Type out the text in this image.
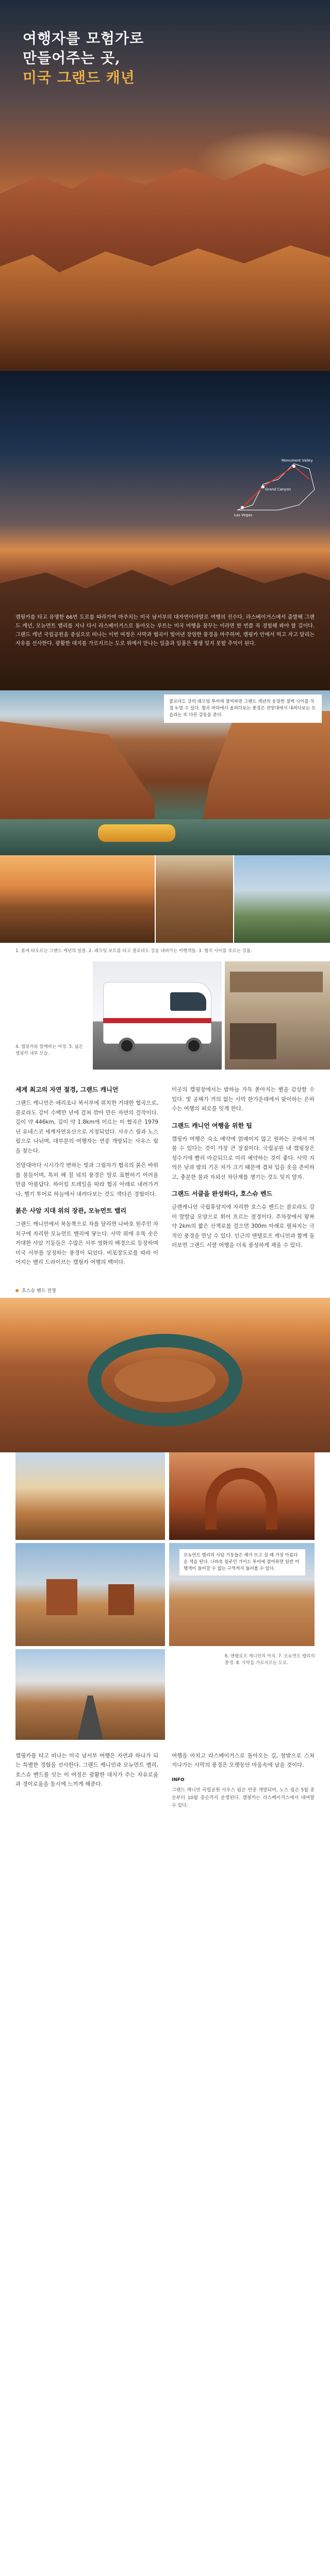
여행자를 모험가로
만들어주는 곳,
미국 그랜드 캐년
Grand Canyon
Monument Valley
Las Vegas

캠핑카를 타고 유명한 66번 도로를 따라가며 마주치는 미국 남서부의 대자연이야말로 여행의 진수다. 라스베이거스에서 출발해 그랜드 캐년, 모뉴먼트 밸리를 지나 다시 라스베이거스로 돌아오는 루트는 미국 여행을 꿈꾸는 이라면 한 번쯤 꼭 경험해 봐야 할 길이다. 그랜드 캐년 국립공원을 중심으로 떠나는 이번 여정은 사막과 협곡이 빚어낸 장엄한 풍경을 마주하며, 캠핑카 안에서 먹고 자고 달리는 자유를 선사한다. 광활한 대지를 가로지르는 도로 위에서 만나는 일출과 일몰은 평생 잊지 못할 추억이 된다.

콜로라도 강의 래프팅 투어에 참여하면 그랜드 캐년의 웅장한 절벽 사이를 직접 누빌 수 있다. 협곡 바닥에서 올려다보는 풍경은 전망대에서 내려다보는 모습과는 또 다른 감동을 준다.

1. 붉게 타오르는 그랜드 캐년의 일몰. 2. 래프팅 보트를 타고 콜로라도 강을 내려가는 여행객들. 3. 협곡 사이를 흐르는 강물.

4. 캠핑카와 함께하는 여정. 5. 넓은 캠핑카 내부 모습.

세계 최고의 자연 절경, 그랜드 캐니언

그랜드 캐니언은 애리조나 북서부에 위치한 거대한 협곡으로, 콜로라도 강이 수백만 년에 걸쳐 깎아 만든 자연의 걸작이다. 길이 약 446km, 깊이 약 1.8km에 이르는 이 협곡은 1979년 유네스코 세계자연유산으로 지정되었다. 사우스 림과 노스 림으로 나뉘며, 대부분의 여행자는 연중 개방되는 사우스 림을 찾는다.

전망대마다 시시각각 변하는 빛과 그림자가 협곡의 붉은 바위를 물들이며, 특히 해 질 녘의 풍경은 말로 표현하기 어려울 만큼 아름답다. 하이킹 트레일을 따라 협곡 아래로 내려가거나, 헬기 투어로 하늘에서 내려다보는 것도 색다른 경험이다.

붉은 사암 지대 위의 장관, 모뉴먼트 밸리

그랜드 캐니언에서 북동쪽으로 차를 달리면 나바호 원주민 자치구에 자리한 모뉴먼트 밸리에 닿는다. 사막 위에 우뚝 솟은 거대한 사암 기둥들은 수많은 서부 영화의 배경으로 등장하며 미국 서부를 상징하는 풍경이 되었다. 비포장도로를 따라 이어지는 밸리 드라이브는 캠핑카 여행의 백미다.

이곳의 캠핑장에서는 밤하늘 가득 쏟아지는 별을 감상할 수 있다. 빛 공해가 거의 없는 사막 한가운데에서 맞이하는 은하수는 여행의 피로를 잊게 한다.

그랜드 캐니언 여행을 위한 팁

캠핑카 여행은 숙소 예약에 얽매이지 않고 원하는 곳에서 머물 수 있다는 것이 가장 큰 장점이다. 국립공원 내 캠핑장은 성수기에 빨리 마감되므로 미리 예약하는 것이 좋다. 사막 지역은 낮과 밤의 기온 차가 크기 때문에 겹쳐 입을 옷을 준비하고, 충분한 물과 자외선 차단제를 챙기는 것도 잊지 말자.

그랜드 서클을 완성하다, 호스슈 벤드

글렌캐니언 국립휴양지에 자리한 호스슈 벤드는 콜로라도 강이 말발굽 모양으로 휘어 흐르는 절경이다. 주차장에서 왕복 약 2km의 짧은 산책로를 걸으면 300m 아래로 펼쳐지는 극적인 풍경을 만날 수 있다. 인근의 앤텔로프 캐니언과 함께 둘러보면 그랜드 서클 여행을 더욱 풍성하게 채울 수 있다.

호스슈 벤드 전경

모뉴먼트 밸리의 사암 기둥들은 해가 뜨고 질 때 가장 아름다운 색을 띤다. 나바호 원주민 가이드 투어에 참여하면 일반 여행객이 들어갈 수 없는 구역까지 둘러볼 수 있다.

6. 앤텔로프 캐니언의 아치. 7. 모뉴먼트 밸리의 풍경. 8. 사막을 가로지르는 도로.

캠핑카를 타고 떠나는 미국 남서부 여행은 자연과 하나가 되는 특별한 경험을 선사한다. 그랜드 캐니언과 모뉴먼트 밸리, 호스슈 벤드를 잇는 이 여정은 광활한 대지가 주는 자유로움과 경이로움을 동시에 느끼게 해준다.

여행을 마치고 라스베이거스로 돌아오는 길, 창밖으로 스쳐 지나가는 사막의 풍경은 오랫동안 마음속에 남을 것이다.

INFO

그랜드 캐니언 국립공원 사우스 림은 연중 개방되며, 노스 림은 5월 중순부터 10월 중순까지 운영된다. 캠핑카는 라스베이거스에서 대여할 수 있다.
